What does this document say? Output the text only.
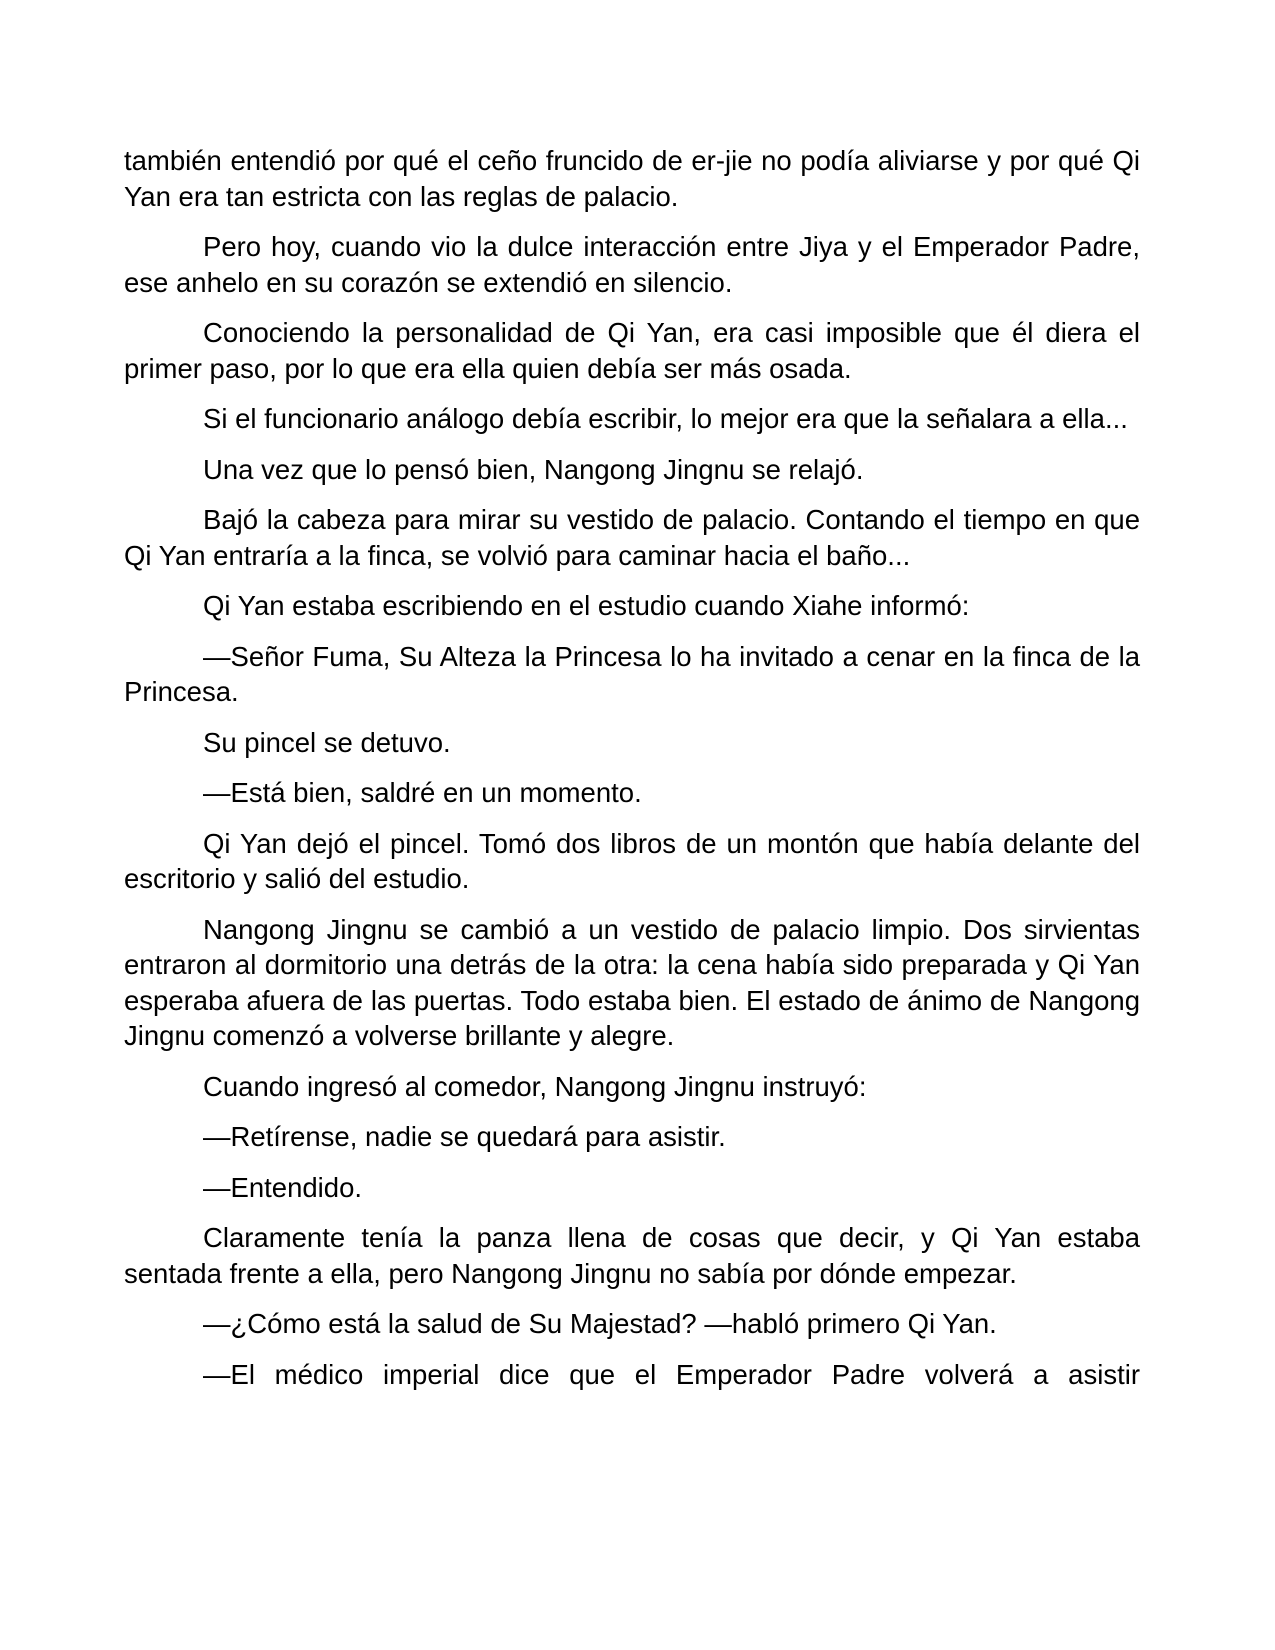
también entendió por qué el ceño fruncido de er-jie no podía aliviarse y por qué Qi Yan era tan estricta con las reglas de palacio.

Pero hoy, cuando vio la dulce interacción entre Jiya y el Emperador Padre, ese anhelo en su corazón se extendió en silencio.

Conociendo la personalidad de Qi Yan, era casi imposible que él diera el primer paso, por lo que era ella quien debía ser más osada.

Si el funcionario análogo debía escribir, lo mejor era que la señalara a ella...

Una vez que lo pensó bien, Nangong Jingnu se relajó.

Bajó la cabeza para mirar su vestido de palacio. Contando el tiempo en que Qi Yan entraría a la finca, se volvió para caminar hacia el baño...

Qi Yan estaba escribiendo en el estudio cuando Xiahe informó:

—Señor Fuma, Su Alteza la Princesa lo ha invitado a cenar en la finca de la Princesa.

Su pincel se detuvo.

—Está bien, saldré en un momento.

Qi Yan dejó el pincel. Tomó dos libros de un montón que había delante del escritorio y salió del estudio.

Nangong Jingnu se cambió a un vestido de palacio limpio. Dos sirvientas entraron al dormitorio una detrás de la otra: la cena había sido preparada y Qi Yan esperaba afuera de las puertas. Todo estaba bien. El estado de ánimo de Nangong Jingnu comenzó a volverse brillante y alegre.

Cuando ingresó al comedor, Nangong Jingnu instruyó:

—Retírense, nadie se quedará para asistir.

—Entendido.

Claramente tenía la panza llena de cosas que decir, y Qi Yan estaba sentada frente a ella, pero Nangong Jingnu no sabía por dónde empezar.

—¿Cómo está la salud de Su Majestad? —habló primero Qi Yan.

—El médico imperial dice que el Emperador Padre volverá a asistir
